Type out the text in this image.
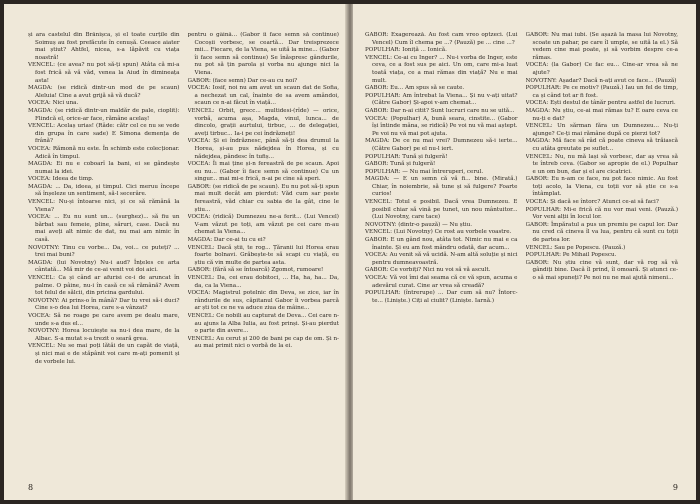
și ara castelul din Brănișca, și el toate curțile din Soimuș au fost prefăcute în cenușă. Ceeace aiater mai știut? Ahtfel, nicea, s-a lăpăvit cu viața noastră!

VENCEL: (ce avea? nu pot să-ți spun) Atâta că mi-a fost frică să vă văd, venea la Aiud în dimineața asta!

MAGDA: (se ridică dintr-un mod de pe scaun) Aleluia! Cine a avut grijă să vă ducă?

VOCEA: Nici una.

MAGDA: (se ridică dintr-un maldăr de pale, cioplit): Flindcă el, orice-ar face, rămâne acelaș!

VENCEL: Acelaș urias! (Râde: cătr cel ce nu se vede din grupa în care sade) E Simona demența de frână?

VOCEA: Rămonă nu este. În schimb este colecționar. Adică în timpul.

MAGDA: Ei nu e coboarî la bani, ei se gândește numai la idei.

VOCEA: Ideea de timp.

MAGDA: ... Da, ideea, și timpul. Cici meruu începe să înșeleze un sentiment, să-l secerâre.

VENCEL: Nu-și întoarse nici, și ce să rămână la Viena?

VOCEA: ... Eu nu sunt un... (surghez)... să fiu un bărbat sau femeie, pline, săruri, case. Dacă nu mai aveți alt nimic de dat, nu mai am nimic în casă.

NOVOTNY: Tinu cu vorbe... Da, voi... ce puteți? ... trei mai buni?

MAGDA: (lui Novotny) Nu-i aud? Înțeles ce arta cântată... Mă mir de ce-ai venit voi doi aici.

VENCEL: Ca și când ar afurisi ce-i de aruncat în palme. O pâine, nu-i în casă ce să rămână? Avem tot felul de sălcii, din pricina gardului.

NOVOTNY: Ai prins-o în mână? Dar tu vrei să-i duci? Cine s-o dea lui Horea, care s-a vânzat?

VOCEA: Să ne roage pe care avem pe dealu mare, unde s-a dus el...

NOVOTNY: Horea locuiește sa nu-i dea mare, de la Albac. S-a mutat s-a trezit o seară grea.

VENCEL: Nu se mai poți lătăi de un capăt de viață, și nici mai e de stăpânit voi care m-ați pomenit și de vorbele lui.

pentru o gâină... (Gabor îi face semn să continue) Cocoșii vorbesc, se ceartă... Dar treisprezece mii... Fiecare, de la Viena, se uită la mine... (Gabor îi face semn să continue) Se înăspresc gândurile, nu pot să țin parola și vorba nu ajunge nici la Viena.

GABOR: (face semn) Dar ce-au cu noi?

VOCEA: Iosif, noi nu am avut un scaun dat de Sofia, a nechezat un cal, înainte de sa avem amândoi, scaun ce n-ai făcut în viață...

VENCEL: Orbit, grecc... multidesi-(rîde) — orice, vorbă, acuma așa, Magda, vinul, lunca... de dincolo, grații aurtului, tirbuc, ... de delegației, aveți tirbuc... Ia-i pe cei îndrăzneți!

VOCEA: Și ei îndrăznesc, până să-ți dea drumul la Horea, și-au pus nădejdea în Horea, și cu nădejdea, pândesc în tufiș...

VOCEA: Îi mai ține și-n fereastră de pe scaun. Apoi eu nu... (Gabor îi face semn să continue) Cu un singur... mai mi-e frică, n-ai pe cine să speri.

GABOR: (se ridică de pe scaun). Eu nu pot să-ți spun mai mult decât am pierdut: Văd cum sar peste fereastră, văd chiar cu sabia de la gât, cine le știu...

VOCEA: (ridică) Dumnezeu ne-a ferit... (Lui Vencel) V-am văzut pe toți, am văzut pe cei care m-au chemat la Viena...

MAGDA: Dar ce-ai tu cu ei?

VENCEL: Dacă știi, te rog... Țăranii lui Horea erau foarte bolnavi. Grăbește-te să scapi cu viață, eu știu că vin multe de partea asta.

GABOR: (fără să se întoarcă) Zgomot, rumoare!

VENCEL: Da, cei erau dobitoci, ... Ha, ha, ha... Da, da, ca la Viena...

VOCEA: Magistrul potelnic din Deva, se zice, iar în rândurile de sus, căpitanul Gabor îi vorbea parcă ar ști tot ce ne va aduce ziua de mâine...

VENCEL: Ce nobili au capturat de Deva... Cei care n-au ajuns la Alba Iulia, au fost prinși. Și-au pierdut o parte din avere...

VENCEL: Au cerut și 200 de bani pe cap de om. Și n-au mai primit nici o vorbă de la ei.

8

GABOR: Exagerează. Au fost cam vreo optzeci. (Lui Vencel) Cum îl chema pe ...? (Pauză) pe ... cine ...?

POPULHAR: Ioniță ... Ionică.

VENCEL: Ce-ai cu Inger? ... Nu-i vorba de Inger, este ceva, ce a fost sus pe aici. Un om, care mi-a luat toată viața, ce a mai rămas din viață? Nu e mai mult.

GABOR: Eu... Am spus să se caute.

POPULHAR: Am întrebat la Viena... Și nu v-ați uitat? (Către Gabor) Și-apoi v-am chemat...

GABOR: Dar n-ai citit? Sunt lucruri care nu se uită...

VOCEA: (Populhar) A, bună seara, cinstite... (Gabor își întinde mâna, se ridică) Pe voi nu vă mai aștept. Pe voi nu vă mai pot ajuta.

MAGDA: De ce nu mai vrei? Dumnezeu să-i ierte... (Către Gabor) pe el nu-l iert.

POPULHAR: Tună și fulgeră!

GABOR: Tună și fulgeră!

POPULHAR: — Nu mai întreruperi, cerul.

MAGDA: — E un semn că vă fi... bine. (Mirată.) Chiar, în noiembrie, să tune și să fulgere? Foarte curios!

VENCEL: Totul e posibil. Dacă vrea Dumnezeu. E posibil chiar să vină pe tunet, un nou mântuitor... (Lui Novotny, care tace)

NOVOTNY: (dintr-o pauză) — Nu știu.

VENCEL: (Lui Novotny) Ce rost au vorbele voastre.

GABOR: E un gând nou, atâta tot. Nimic nu mai e ca înainte. Și eu am fost mândru odată, dar acum...

VOCEA: Au venit să vă ucidă. N-am altă soluție și nici pentru dumneavoastră.

GABOR: Ce vorbiți? Nici nu voi să vă ascult.

VOCEA: Vă voi îmi dai seama că ce vă spun, acuma e adevărul curat. Cine ar vrea să creadă?

POPULHAR: (întrerupe) ... Dar cum să nu? Întorc-te... (Liniște.) Ciți al ciulit? (Liniște. Iarnă.)

GABOR: Nu mai iubi. (Se așază la masa lui Novotny, scoate un pahar, pe care îl umple, se uită la el.) Să vedem cine mai poate, și să vorbim despre ce-a rămas.

VOCEA: (la Gabor) Ce fac eu... Cine-ar vrea să ne ajute?

NOVOTNY: Așadar? Dacă n-ați avut ce face... (Pauză)

POPULHAR: Pe ce motiv? (Pauză.) Iau un fel de timp, ca și când tot ar fi fost.

VOCEA: Ești destul de tânăr pentru astfel de lucruri.

MAGDA: Nu știu, ce-ai mai rămas tu? E oare ceva ce nu-ți e dat?

VENCEL: Un sărman făra un Dumnezeu... Nu-ți ajunge? Ce-ți mai rămâne după ce pierzi tot?

MAGDA: Mă face să râd că poate cineva să trăiască cu atâta greutate pe suflet...

VENCEL: Nu, nu mă lași să vorbesc, dar aș vrea să te întreb ceva. (Gabor se apropie de el.) Populhar e un om bun, dar și el are cicatrici.

GABOR: Eu n-am ce face, nu pot face nimic. Au fost toți acolo, la Viena, cu toții vor să știe ce s-a întâmplat.

VOCEA: Și dacă se întorc? Atunci ce-ai să faci?

POPULHAR: Mi-e frică că nu vor mai veni. (Pauză.) Vor veni alții în locul lor.

GABOR: Împăratul a pus un premiu pe capul lor. Dar nu cred că cineva îl va lua, pentru că sunt cu toții de partea lor.

VENCEL: Sau pe Popescu. (Pauză.)

POPULHAR: Pe Mihail Popescu.

GABOR: Nu știu cine vă sunt, dar vă rog să vă gândiți bine. Dacă îl prind, îl omoară. Și atunci ce-o să mai spuneți? Pe noi nu ne mai ajută nimeni...

9
